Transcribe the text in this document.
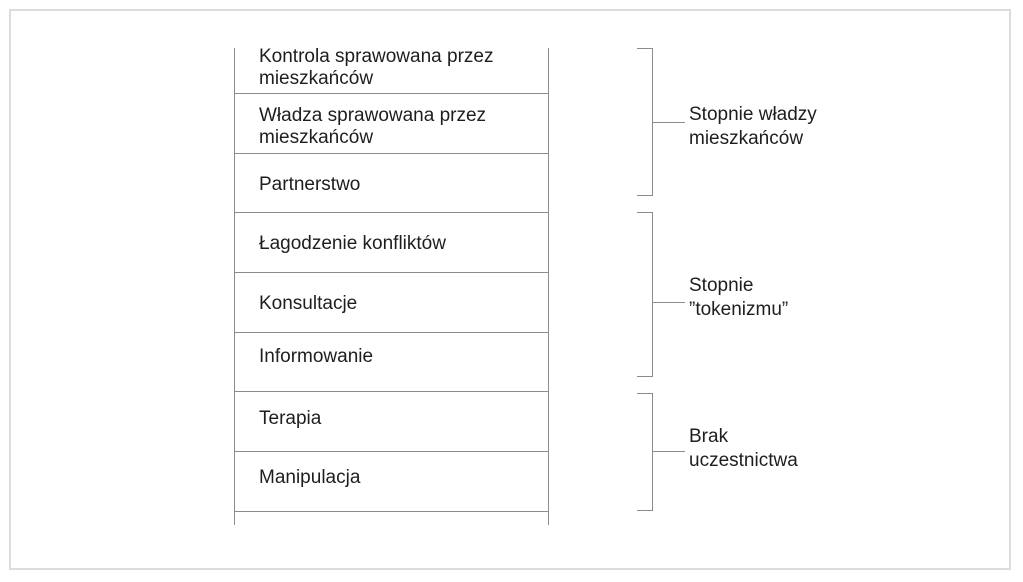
Kontrola sprawowana przez
mieszkańców
Władza sprawowana przez
mieszkańców
Partnerstwo
Łagodzenie konfliktów
Konsultacje
Informowanie
Terapia
Manipulacja
Stopnie władzy
mieszkańców
Stopnie
”tokenizmu”
Brak
uczestnictwa
